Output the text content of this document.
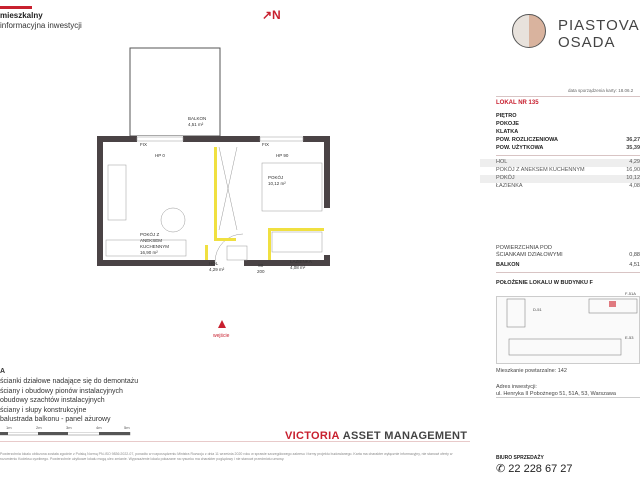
mieszkalny
informacyjna inwestycji
↗N
PIASTOVA
OSADA
data sporządzenia karty: 18.06.2
LOKAL NR 135
PIĘTRO
POKOJE
KLATKA
POW. ROZLICZENIOWA	36,27
POW. UŻYTKOWA	35,39
HOL	4,29
POKÓJ Z ANEKSEM KUCHENNYM	16,90
POKÓJ	10,12
ŁAZIENKA	4,08
POWIERZCHNIA POD
ŚCIANKAMI DZIAŁOWYMI	0,88
BALKON	4,51
POŁOŻENIE LOKALU W BUDYNKU F
D-51
F-51A
E-53
Mieszkanie powtarzalne: 142
Adres inwestycji:
ul. Henryka II Pobożnego 51, 51A, 53, Warszawa
BIURO SPRZEDAŻY
✆ 22 228 67 27
BALKON
4,51 m²
FIX	FIX
HP 0	HP 90
POKÓJ
10,12 m²
POKÓJ Z
ANEKSEM
KUCHENNYM
16,90 m²
HOL
4,29 m²
ŁAZIENKA
4,08 m²
80
200
wejście
A
ścianki działowe nadające się do demontażu
ściany i obudowy pionów instalacyjnych
obudowy szachtów instalacyjnych
ściany i słupy konstrukcyjne
balustrada balkonu - panel ażurowy
1m	2m	3m	4m	5m
VICTORIA ASSET MANAGEMENT
Powierzchnia lokalu obliczona została zgodnie z Polską Normą PN-ISO 9836:2022-07, ponadto w rozporządzeniu Ministra Rozwoju z dnia 11 września 2020 roku w sprawie szczegółowego zakresu i formy projektu budowlanego. Karta ma charakter wyłącznie informacyjny, nie stanowi oferty w rozumieniu Kodeksu cywilnego. Powierzchnie użytkowe lokalu mogą ulec zmianie. Wyposażenie lokalu pokazane na rysunku ma charakter poglądowy i nie stanowi przedmiotu umowy.
